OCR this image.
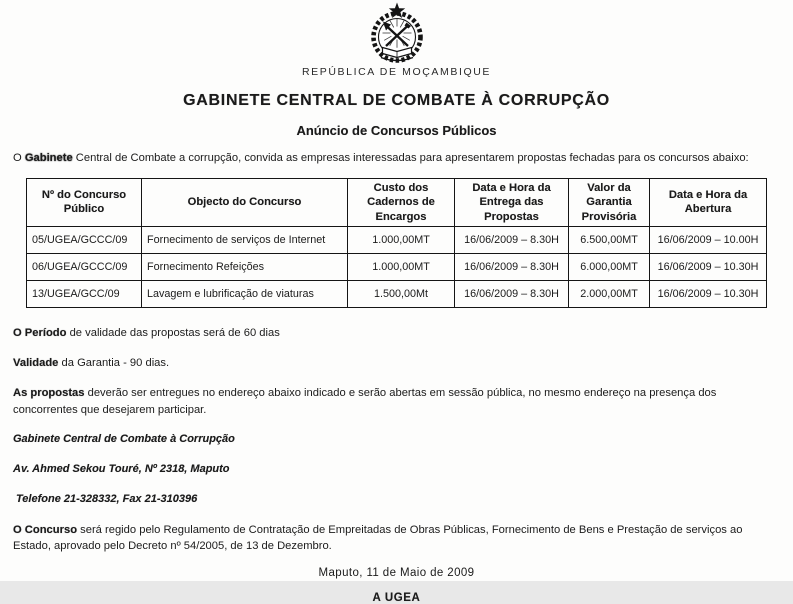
REPÚBLICA DE MOÇAMBIQUE
GABINETE CENTRAL DE COMBATE À CORRUPÇÃO
Anúncio de Concursos Públicos

O Gabinete Central de Combate a corrupção, convida as empresas interessadas para apresentarem propostas fechadas para os concursos abaixo:

Nº do Concurso Público	Objecto do Concurso	Custo dos Cadernos de Encargos	Data e Hora da Entrega das Propostas	Valor da Garantia Provisória	Data e Hora da Abertura
05/UGEA/GCCC/09	Fornecimento de serviços de Internet	1.000,00MT	16/06/2009 – 8.30H	6.500,00MT	16/06/2009 – 10.00H
06/UGEA/GCCC/09	Fornecimento Refeições	1.000,00MT	16/06/2009 – 8.30H	6.000,00MT	16/06/2009 – 10.30H
13/UGEA/GCC/09	Lavagem e lubrificação de viaturas	1.500,00Mt	16/06/2009 – 8.30H	2.000,00MT	16/06/2009 – 10.30H

O Período de validade das propostas será de 60 dias

Validade da Garantia - 90 dias.

As propostas deverão ser entregues no endereço abaixo indicado e serão abertas em sessão pública, no mesmo endereço na presença dos concorrentes que desejarem participar.

Gabinete Central de Combate à Corrupção

Av. Ahmed Sekou Touré, Nº 2318, Maputo

Telefone 21-328332, Fax 21-310396

O Concurso será regido pelo Regulamento de Contratação de Empreitadas de Obras Públicas, Fornecimento de Bens e Prestação de serviços ao Estado, aprovado pelo Decreto nº 54/2005, de 13 de Dezembro.

Maputo, 11 de Maio de 2009
A UGEA
